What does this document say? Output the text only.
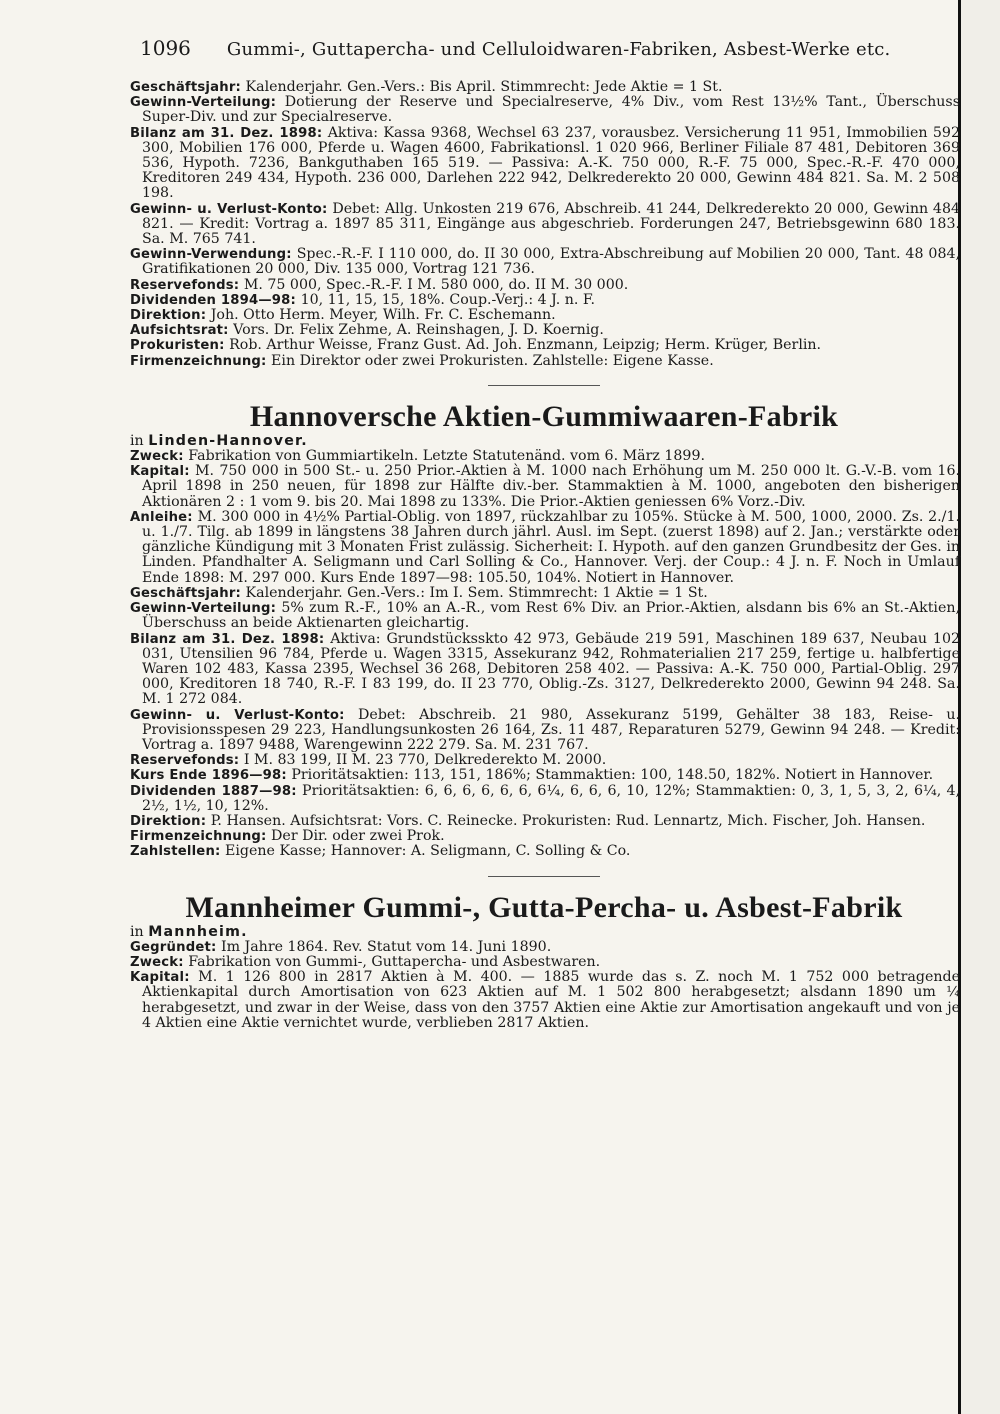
1096 Gummi-, Guttapercha- und Celluloidwaren-Fabriken, Asbest-Werke etc.

Geschäftsjahr: Kalenderjahr. Gen.-Vers.: Bis April. Stimmrecht: Jede Aktie = 1 St.

Gewinn-Verteilung: Dotierung der Reserve und Specialreserve, 4% Div., vom Rest 13½% Tant., Überschuss Super-Div. und zur Specialreserve.

Bilanz am 31. Dez. 1898: Aktiva: Kassa 9368, Wechsel 63 237, vorausbez. Versicherung 11 951, Immobilien 592 300, Mobilien 176 000, Pferde u. Wagen 4600, Fabrikationsl. 1 020 966, Berliner Filiale 87 481, Debitoren 369 536, Hypoth. 7236, Bankguthaben 165 519. — Passiva: A.-K. 750 000, R.-F. 75 000, Spec.-R.-F. 470 000, Kreditoren 249 434, Hypoth. 236 000, Darlehen 222 942, Delkrederekto 20 000, Gewinn 484 821. Sa. M. 2 508 198.

Gewinn- u. Verlust-Konto: Debet: Allg. Unkosten 219 676, Abschreib. 41 244, Delkrederekto 20 000, Gewinn 484 821. — Kredit: Vortrag a. 1897 85 311, Eingänge aus abgeschrieb. Forderungen 247, Betriebsgewinn 680 183. Sa. M. 765 741.

Gewinn-Verwendung: Spec.-R.-F. I 110 000, do. II 30 000, Extra-Abschreibung auf Mobilien 20 000, Tant. 48 084, Gratifikationen 20 000, Div. 135 000, Vortrag 121 736.

Reservefonds: M. 75 000, Spec.-R.-F. I M. 580 000, do. II M. 30 000.

Dividenden 1894—98: 10, 11, 15, 15, 18%. Coup.-Verj.: 4 J. n. F.

Direktion: Joh. Otto Herm. Meyer, Wilh. Fr. C. Eschemann.

Aufsichtsrat: Vors. Dr. Felix Zehme, A. Reinshagen, J. D. Koernig.

Prokuristen: Rob. Arthur Weisse, Franz Gust. Ad. Joh. Enzmann, Leipzig; Herm. Krüger, Berlin.

Firmenzeichnung: Ein Direktor oder zwei Prokuristen. Zahlstelle: Eigene Kasse.

Hannoversche Aktien-Gummiwaaren-Fabrik

in Linden-Hannover.

Zweck: Fabrikation von Gummiartikeln. Letzte Statutenänd. vom 6. März 1899.

Kapital: M. 750 000 in 500 St.- u. 250 Prior.-Aktien à M. 1000 nach Erhöhung um M. 250 000 lt. G.-V.-B. vom 16. April 1898 in 250 neuen, für 1898 zur Hälfte div.-ber. Stammaktien à M. 1000, angeboten den bisherigen Aktionären 2 : 1 vom 9. bis 20. Mai 1898 zu 133%. Die Prior.-Aktien geniessen 6% Vorz.-Div.

Anleihe: M. 300 000 in 4½% Partial-Oblig. von 1897, rückzahlbar zu 105%. Stücke à M. 500, 1000, 2000. Zs. 2./1. u. 1./7. Tilg. ab 1899 in längstens 38 Jahren durch jährl. Ausl. im Sept. (zuerst 1898) auf 2. Jan.; verstärkte oder gänzliche Kündigung mit 3 Monaten Frist zulässig. Sicherheit: I. Hypoth. auf den ganzen Grundbesitz der Ges. in Linden. Pfandhalter A. Seligmann und Carl Solling & Co., Hannover. Verj. der Coup.: 4 J. n. F. Noch in Umlauf Ende 1898: M. 297 000. Kurs Ende 1897—98: 105.50, 104%. Notiert in Hannover.

Geschäftsjahr: Kalenderjahr. Gen.-Vers.: Im I. Sem. Stimmrecht: 1 Aktie = 1 St.

Gewinn-Verteilung: 5% zum R.-F., 10% an A.-R., vom Rest 6% Div. an Prior.-Aktien, alsdann bis 6% an St.-Aktien, Überschuss an beide Aktienarten gleichartig.

Bilanz am 31. Dez. 1898: Aktiva: Grundstücksskto 42 973, Gebäude 219 591, Maschinen 189 637, Neubau 102 031, Utensilien 96 784, Pferde u. Wagen 3315, Assekuranz 942, Rohmaterialien 217 259, fertige u. halbfertige Waren 102 483, Kassa 2395, Wechsel 36 268, Debitoren 258 402. — Passiva: A.-K. 750 000, Partial-Oblig. 297 000, Kreditoren 18 740, R.-F. I 83 199, do. II 23 770, Oblig.-Zs. 3127, Delkrederekto 2000, Gewinn 94 248. Sa. M. 1 272 084.

Gewinn- u. Verlust-Konto: Debet: Abschreib. 21 980, Assekuranz 5199, Gehälter 38 183, Reise- u. Provisionsspesen 29 223, Handlungsunkosten 26 164, Zs. 11 487, Reparaturen 5279, Gewinn 94 248. — Kredit: Vortrag a. 1897 9488, Warengewinn 222 279. Sa. M. 231 767.

Reservefonds: I M. 83 199, II M. 23 770, Delkrederekto M. 2000.

Kurs Ende 1896—98: Prioritätsaktien: 113, 151, 186%; Stammaktien: 100, 148.50, 182%. Notiert in Hannover.

Dividenden 1887—98: Prioritätsaktien: 6, 6, 6, 6, 6, 6, 6¼, 6, 6, 6, 10, 12%; Stammaktien: 0, 3, 1, 5, 3, 2, 6¼, 4, 2½, 1½, 10, 12%.

Direktion: P. Hansen. Aufsichtsrat: Vors. C. Reinecke. Prokuristen: Rud. Lennartz, Mich. Fischer, Joh. Hansen.

Firmenzeichnung: Der Dir. oder zwei Prok.

Zahlstellen: Eigene Kasse; Hannover: A. Seligmann, C. Solling & Co.

Mannheimer Gummi-, Gutta-Percha- u. Asbest-Fabrik

in Mannheim.

Gegründet: Im Jahre 1864. Rev. Statut vom 14. Juni 1890.

Zweck: Fabrikation von Gummi-, Guttapercha- und Asbestwaren.

Kapital: M. 1 126 800 in 2817 Aktien à M. 400. — 1885 wurde das s. Z. noch M. 1 752 000 betragende Aktienkapital durch Amortisation von 623 Aktien auf M. 1 502 800 herabgesetzt; alsdann 1890 um ¼ herabgesetzt, und zwar in der Weise, dass von den 3757 Aktien eine Aktie zur Amortisation angekauft und von je 4 Aktien eine Aktie vernichtet wurde, verblieben 2817 Aktien.
